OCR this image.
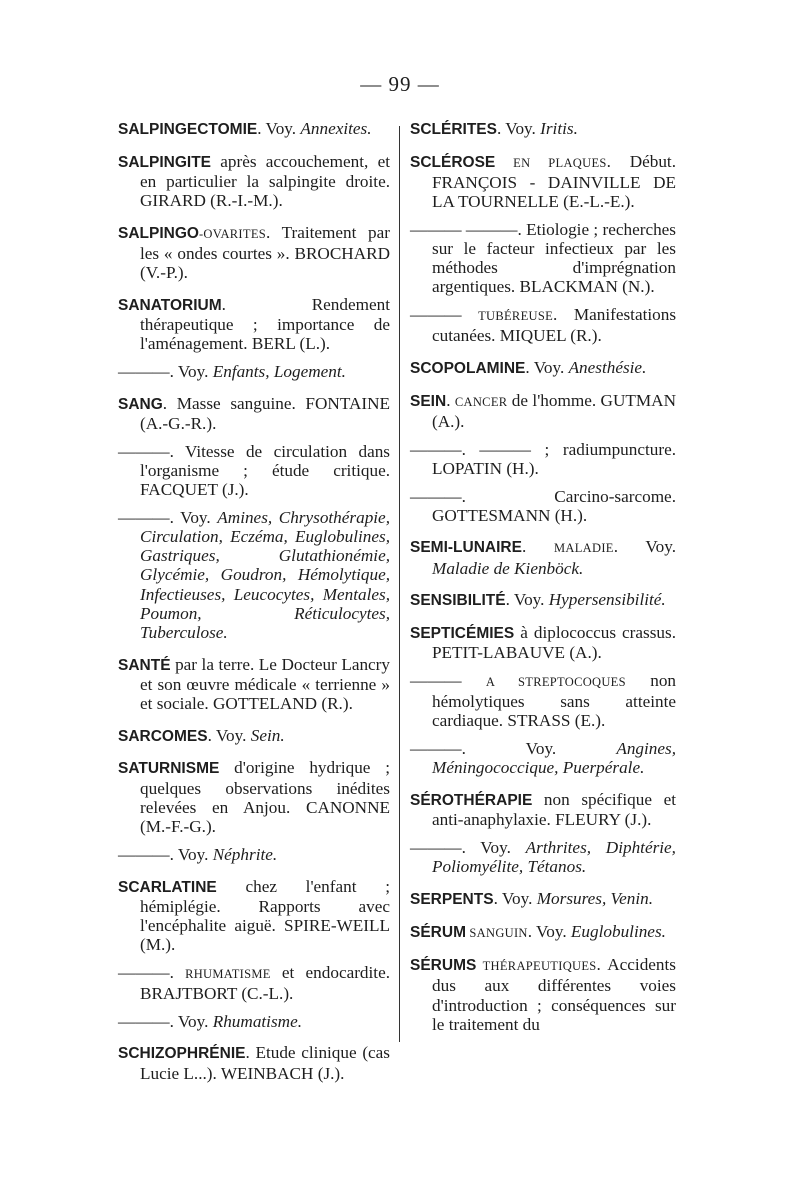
— 99 —
SALPINGECTOMIE. Voy. Annexites.
SALPINGITE après accouchement, et en particulier la salpingite droite. GIRARD (R.-I.-M.).
SALPINGO-OVARITES. Traitement par les « ondes courtes ». BROCHARD (V.-P.).
SANATORIUM. Rendement thérapeutique ; importance de l'aménagement. BERL (L.).
———. Voy. Enfants, Logement.
SANG. Masse sanguine. FONTAINE (A.-G.-R.).
———. Vitesse de circulation dans l'organisme ; étude critique. FACQUET (J.).
———. Voy. Amines, Chrysothérapie, Circulation, Eczéma, Euglobulines, Gastriques, Glutathionémie, Glycémie, Goudron, Hémolytique, Infectieuses, Leucocytes, Mentales, Poumon, Réticulocytes, Tuberculose.
SANTÉ par la terre. Le Docteur Lancry et son œuvre médicale « terrienne » et sociale. GOTTELAND (R.).
SARCOMES. Voy. Sein.
SATURNISME d'origine hydrique ; quelques observations inédites relevées en Anjou. CANONNE (M.-F.-G.).
———. Voy. Néphrite.
SCARLATINE chez l'enfant ; hémiplégie. Rapports avec l'encéphalite aiguë. SPIRE-WEILL (M.).
———. RHUMATISME et endocardite. BRAJTBORT (C.-L.).
———. Voy. Rhumatisme.
SCHIZOPHRÉNIE. Etude clinique (cas Lucie L...). WEINBACH (J.).
SCLÉRITES. Voy. Iritis.
SCLÉROSE EN PLAQUES. Début. FRANÇOIS - DAINVILLE DE LA TOURNELLE (E.-L.-E.).
——— ———. Etiologie ; recherches sur le facteur infectieux par les méthodes d'imprégnation argentiques. BLACKMAN (N.).
——— TUBÉREUSE. Manifestations cutanées. MIQUEL (R.).
SCOPOLAMINE. Voy. Anesthésie.
SEIN. CANCER de l'homme. GUTMAN (A.).
———. ——— ; radiumpuncture. LOPATIN (H.).
———. Carcino-sarcome. GOTTESMANN (H.).
SEMI-LUNAIRE. MALADIE. Voy. Maladie de Kienböck.
SENSIBILITÉ. Voy. Hypersensibilité.
SEPTICÉMIES à diplococcus crassus. PETIT-LABAUVE (A.).
——— A STREPTOCOQUES non hémolytiques sans atteinte cardiaque. STRASS (E.).
———. Voy. Angines, Méningococcique, Puerpérale.
SÉROTHÉRAPIE non spécifique et anti-anaphylaxie. FLEURY (J.).
———. Voy. Arthrites, Diphtérie, Poliomyélite, Tétanos.
SERPENTS. Voy. Morsures, Venin.
SÉRUM SANGUIN. Voy. Euglobulines.
SÉRUMS THÉRAPEUTIQUES. Accidents dus aux différentes voies d'introduction ; conséquences sur le traitement du
